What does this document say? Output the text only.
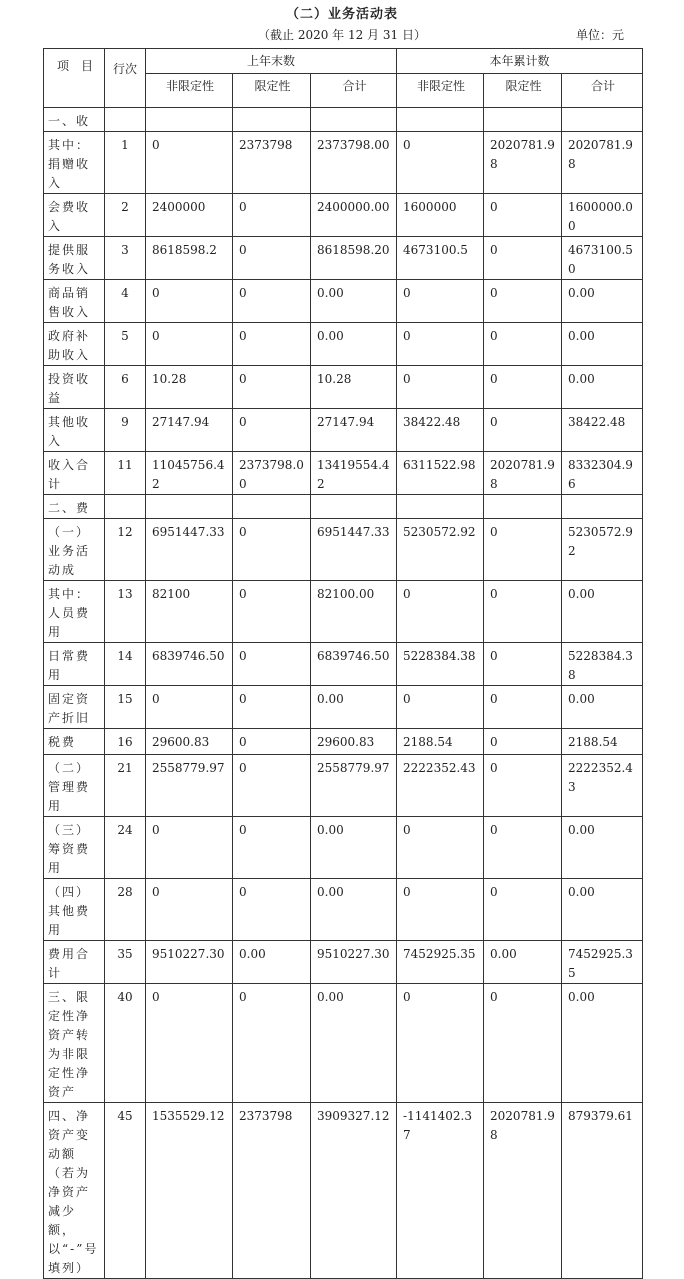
（二）业务活动表
（截止 2020 年 12 月 31 日）	单位：元
项　目	行次	上年末数			本年累计数		
		非限定性	限定性	合计	非限定性	限定性	合计
一、收							
其中：捐赠收入	1	0	2373798	2373798.00	0	2020781.98	2020781.98
会费收入	2	2400000	0	2400000.00	1600000	0	1600000.00
提供服务收入	3	8618598.2	0	8618598.20	4673100.5	0	4673100.50
商品销售收入	4	0	0	0.00	0	0	0.00
政府补助收入	5	0	0	0.00	0	0	0.00
投资收益	6	10.28	0	10.28	0	0	0.00
其他收入	9	27147.94	0	27147.94	38422.48	0	38422.48
收入合计	11	11045756.42	2373798.00	13419554.42	6311522.98	2020781.98	8332304.96
二、费							
（一）业务活动成	12	6951447.33	0	6951447.33	5230572.92	0	5230572.92
其中：人员费用	13	82100	0	82100.00	0	0	0.00
日常费用	14	6839746.50	0	6839746.50	5228384.38	0	5228384.38
固定资产折旧	15	0	0	0.00	0	0	0.00
税费	16	29600.83	0	29600.83	2188.54	0	2188.54
（二）管理费用	21	2558779.97	0	2558779.97	2222352.43	0	2222352.43
（三）筹资费用	24	0	0	0.00	0	0	0.00
（四）其他费用	28	0	0	0.00	0	0	0.00
费用合计	35	9510227.30	0.00	9510227.30	7452925.35	0.00	7452925.35
三、限定性净资产转为非限定性净资产	40	0	0	0.00	0	0	0.00
四、净资产变动额（若为净资产减少额，以“-”号填列）	45	1535529.12	2373798	3909327.12	-1141402.37	2020781.98	879379.61
